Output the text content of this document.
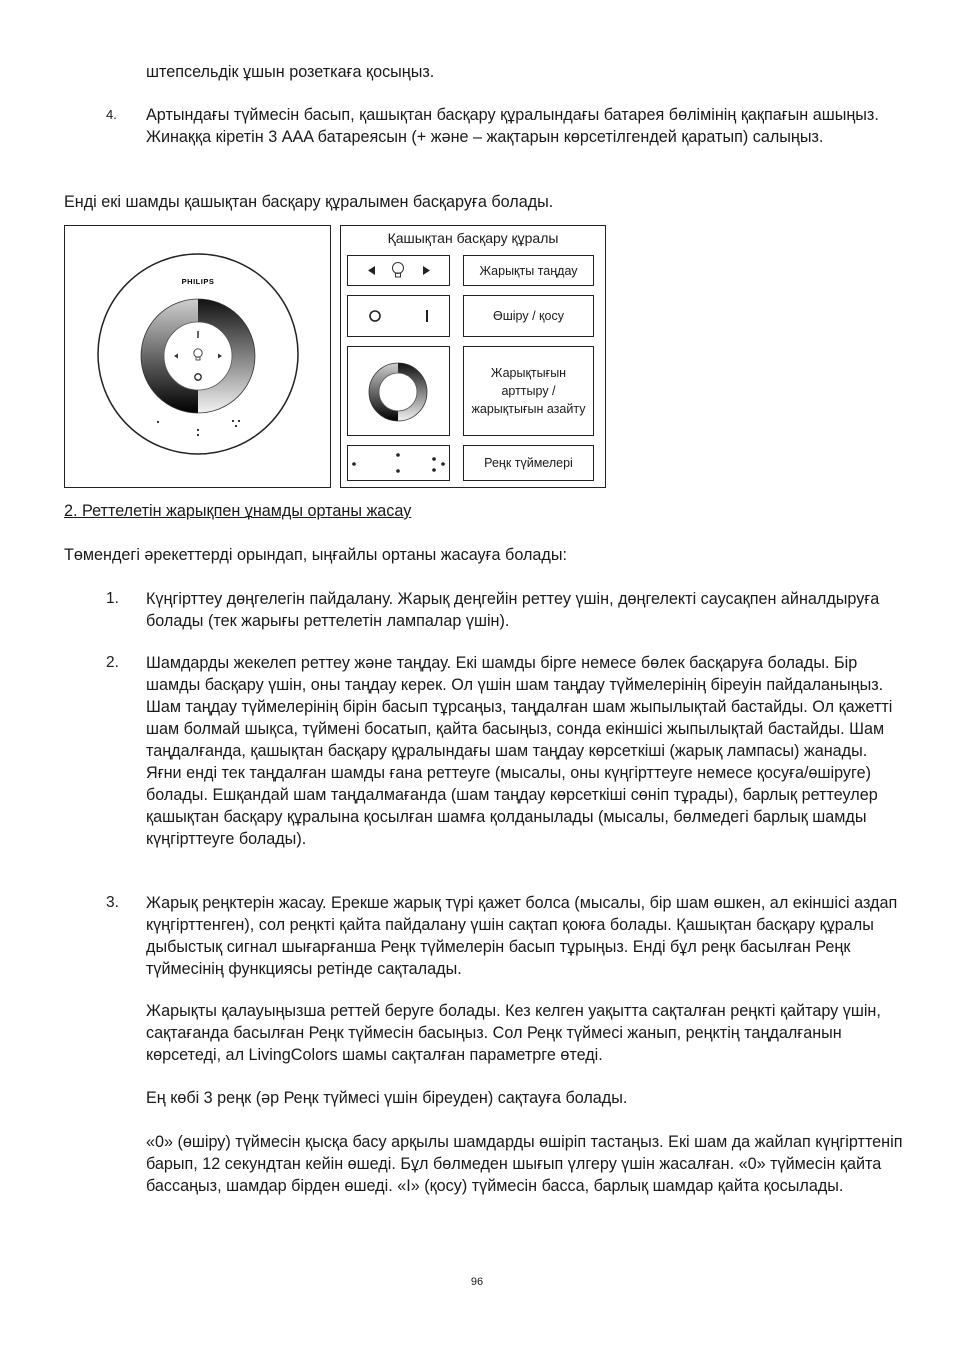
штепсельдік ұшын розеткаға қосыңыз.

4. Артындағы түймесін басып, қашықтан басқару құралындағы батарея бөлімінің қақпағын ашыңыз. Жинаққа кіретін 3 AAA батареясын (+ және – жақтарын көрсетілгендей қаратып) салыңыз.

Енді екі шамды қашықтан басқару құралымен басқаруға болады.

PHILIPS
Қашықтан басқару құралы
Жарықты таңдау
Өшіру / қосу
Жарықтығын арттыру / жарықтығын азайту
Реңк түймелері

2. Реттелетін жарықпен ұнамды ортаны жасау

Төмендегі әрекеттерді орындап, ыңғайлы ортаны жасауға болады:

1. Күңгірттеу дөңгелегін пайдалану. Жарық деңгейін реттеу үшін, дөңгелекті саусақпен айналдыруға болады (тек жарығы реттелетін лампалар үшін).

2. Шамдарды жекелеп реттеу және таңдау. Екі шамды бірге немесе бөлек басқаруға болады. Бір шамды басқару үшін, оны таңдау керек. Ол үшін шам таңдау түймелерінің біреуін пайдаланыңыз. Шам таңдау түймелерінің бірін басып тұрсаңыз, таңдалған шам жыпылықтай бастайды. Ол қажетті шам болмай шықса, түймені босатып, қайта басыңыз, сонда екіншісі жыпылықтай бастайды. Шам таңдалғанда, қашықтан басқару құралындағы шам таңдау көрсеткіші (жарық лампасы) жанады. Яғни енді тек таңдалған шамды ғана реттеуге (мысалы, оны күңгірттеуге немесе қосуға/өшіруге) болады. Ешқандай шам таңдалмағанда (шам таңдау көрсеткіші сөніп тұрады), барлық реттеулер қашықтан басқару құралына қосылған шамға қолданылады (мысалы, бөлмедегі барлық шамды күңгірттеуге болады).

3. Жарық реңктерін жасау. Ерекше жарық түрі қажет болса (мысалы, бір шам өшкен, ал екіншісі аздап күңгірттенген), сол реңкті қайта пайдалану үшін сақтап қоюға болады. Қашықтан басқару құралы дыбыстық сигнал шығарғанша Реңк түймелерін басып тұрыңыз. Енді бұл реңк басылған Реңк түймесінің функциясы ретінде сақталады.

Жарықты қалауыңызша реттей беруге болады. Кез келген уақытта сақталған реңкті қайтару үшін, сақтағанда басылған Реңк түймесін басыңыз. Сол Реңк түймесі жанып, реңктің таңдалғанын көрсетеді, ал LivingColors шамы сақталған параметрге өтеді.

Ең көбі 3 реңк (әр Реңк түймесі үшін біреуден) сақтауға болады.

«0» (өшіру) түймесін қысқа басу арқылы шамдарды өшіріп тастаңыз. Екі шам да жайлап күңгірттеніп барып, 12 секундтан кейін өшеді. Бұл бөлмеден шығып үлгеру үшін жасалған. «0» түймесін қайта бассаңыз, шамдар бірден өшеді. «I» (қосу) түймесін басса, барлық шамдар қайта қосылады.

96
